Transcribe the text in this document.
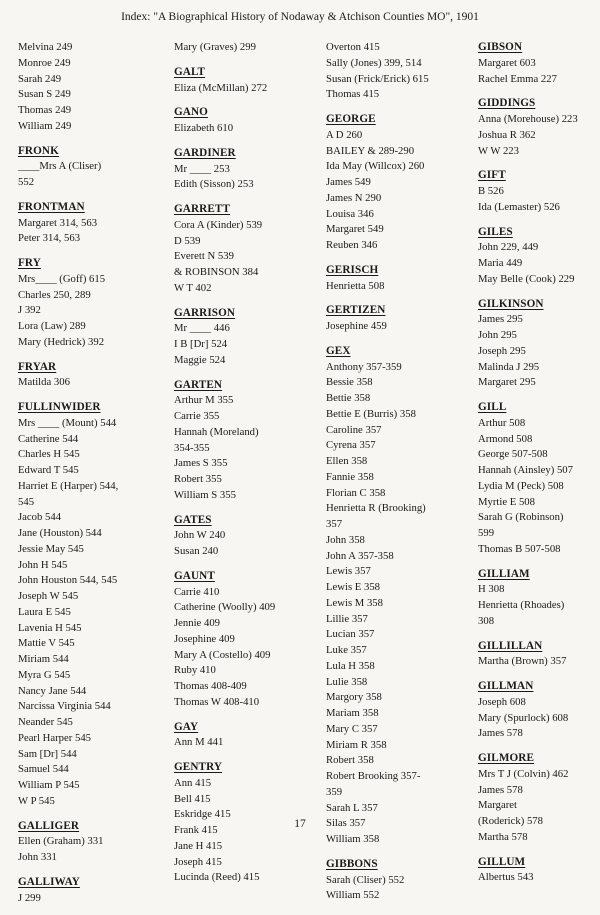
Index: "A Biographical History of Nodaway & Atchison Counties MO", 1901
Melvina 249
Monroe 249
Sarah 249
Susan S 249
Thomas 249
William 249
FRONK
____Mrs A (Cliser)
552
FRONTMAN
Margaret 314, 563
Peter 314, 563
FRY
Mrs____ (Goff) 615
Charles 250, 289
J 392
Lora (Law) 289
Mary (Hedrick) 392
FRYAR
Matilda 306
FULLINWIDER
Mrs ____ (Mount) 544
Catherine 544
Charles H 545
Edward T 545
Harriet E (Harper) 544,
545
Jacob 544
Jane (Houston) 544
Jessie May 545
John H 545
John Houston 544, 545
Joseph W 545
Laura E 545
Lavenia H 545
Mattie V 545
Miriam 544
Myra G 545
Nancy Jane 544
Narcissa Virginia 544
Neander 545
Pearl Harper 545
Sam [Dr] 544
Samuel 544
William P 545
W P 545
GALLIGER
Ellen (Graham) 331
John 331
GALLIWAY
J 299
Mary (Graves) 299
GALT
Eliza (McMillan) 272
GANO
Elizabeth 610
GARDINER
Mr ____ 253
Edith (Sisson) 253
GARRETT
Cora A (Kinder) 539
D 539
Everett N 539
& ROBINSON 384
W T 402
GARRISON
Mr ____ 446
I B [Dr] 524
Maggie 524
GARTEN
Arthur M 355
Carrie 355
Hannah (Moreland)
354-355
James S 355
Robert 355
William S 355
GATES
John W 240
Susan 240
GAUNT
Carrie 410
Catherine (Woolly) 409
Jennie 409
Josephine 409
Mary A (Costello) 409
Ruby 410
Thomas 408-409
Thomas W 408-410
GAY
Ann M 441
GENTRY
Ann 415
Bell 415
Eskridge 415
Frank 415
Jane H 415
Joseph 415
Lucinda (Reed) 415
Overton 415
Sally (Jones) 399, 514
Susan (Frick/Erick) 615
Thomas 415
GEORGE
A D 260
BAILEY & 289-290
Ida May (Willcox) 260
James 549
James N 290
Louisa 346
Margaret 549
Reuben 346
GERISCH
Henrietta 508
GERTIZEN
Josephine 459
GEX
Anthony 357-359
Bessie 358
Bettie 358
Bettie E (Burris) 358
Caroline 357
Cyrena 357
Ellen 358
Fannie 358
Florian C 358
Henrietta R (Brooking)
357
John 358
John A 357-358
Lewis 357
Lewis E 358
Lewis M 358
Lillie 357
Lucian 357
Luke 357
Lula H 358
Lulie 358
Margory 358
Mariam 358
Mary C 357
Miriam R 358
Robert 358
Robert Brooking 357-
359
Sarah L 357
Silas 357
William 358
GIBBONS
Sarah (Cliser) 552
William 552
GIBSON
Margaret 603
Rachel Emma 227
GIDDINGS
Anna (Morehouse) 223
Joshua R 362
W W 223
GIFT
B 526
Ida (Lemaster) 526
GILES
John 229, 449
Maria 449
May Belle (Cook) 229
GILKINSON
James 295
John 295
Joseph 295
Malinda J 295
Margaret 295
GILL
Arthur 508
Armond 508
George 507-508
Hannah (Ainsley) 507
Lydia M (Peck) 508
Myrtie E 508
Sarah G (Robinson)
599
Thomas B 507-508
GILLIAM
H 308
Henrietta (Rhoades)
308
GILLILLAN
Martha (Brown) 357
GILLMAN
Joseph 608
Mary (Spurlock) 608
James 578
GILMORE
Mrs T J (Colvin) 462
James 578
Margaret
(Roderick) 578
Martha 578
GILLUM
Albertus 543
17
